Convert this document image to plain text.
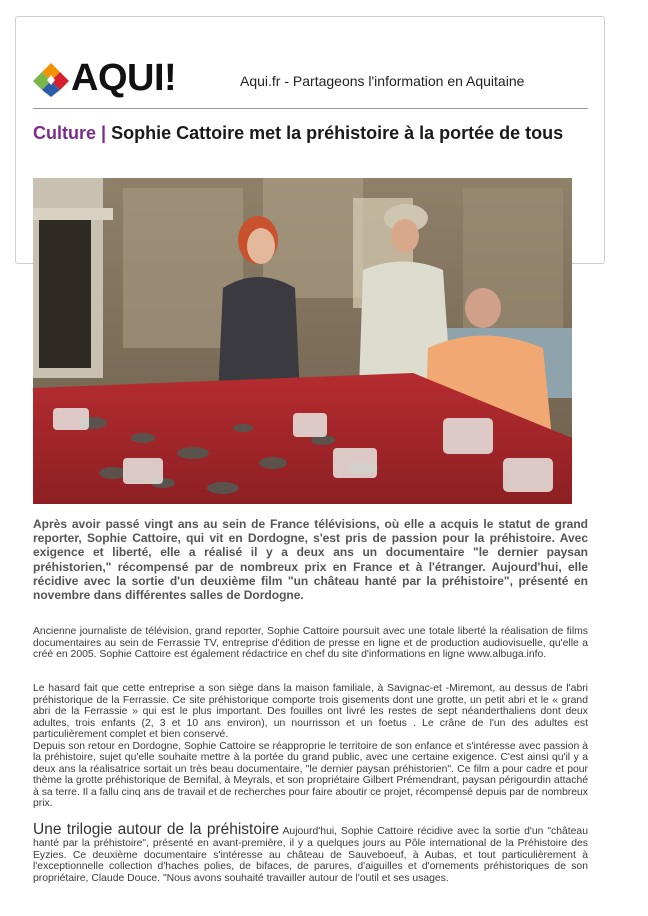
AQUI!	Aqui.fr - Partageons l'information en Aquitaine
Culture | Sophie Cattoire met la préhistoire à la portée de tous

Après avoir passé vingt ans au sein de France télévisions, où elle a acquis le statut de grand reporter, Sophie Cattoire, qui vit en Dordogne, s'est pris de passion pour la préhistoire. Avec exigence et liberté, elle a réalisé il y a deux ans un documentaire "le dernier paysan préhistorien," récompensé par de nombreux prix en France et à l'étranger. Aujourd'hui, elle récidive avec la sortie d'un deuxième film "un château hanté par la préhistoire", présenté en novembre dans différentes salles de Dordogne.

Ancienne journaliste de télévision, grand reporter, Sophie Cattoire poursuit avec une totale liberté la réalisation de films documentaires au sein de Ferrassie TV, entreprise d'édition de presse en ligne et de production audiovisuelle, qu'elle a créé en 2005. Sophie Cattoire est également rédactrice en chef du site d'informations en ligne www.albuga.info.

Le hasard fait que cette entreprise a son siège dans la maison familiale, à Savignac-et -Miremont, au dessus de l'abri préhistorique de la Ferrassie. Ce site préhistorique comporte trois gisements dont une grotte, un petit abri et le « grand abri de la Ferrassie » qui est le plus important. Des fouilles ont livré les restes de sept néanderthaliens dont deux adultes, trois enfants (2, 3 et 10 ans environ), un nourrisson et un foetus . Le crâne de l'un des adultes est particulièrement complet et bien conservé.

Depuis son retour en Dordogne, Sophie Cattoire se réapproprie le territoire de son enfance et s'intéresse avec passion à la préhistoire, sujet qu'elle souhaite mettre à la portée du grand public, avec une certaine exigence. C'est ainsi qu'il y a deux ans la réalisatrice sortait un très beau documentaire, "le dernier paysan préhistorien". Ce film a pour cadre et pour thème la grotte préhistorique de Bernifal, à Meyrals, et son propriétaire Gilbert Prémendrant, paysan périgourdin attaché à sa terre. Il a fallu cinq ans de travail et de recherches pour faire aboutir ce projet, récompensé depuis par de nombreux prix.

Une trilogie autour de la préhistoire Aujourd'hui, Sophie Cattoire récidive avec la sortie d'un "château hanté par la préhistoire", présenté en avant-première, il y a quelques jours au Pôle international de la Préhistoire des Eyzies. Ce deuxième documentaire s'intéresse au château de Sauveboeuf, à Aubas, et tout particulièrement à l'exceptionnelle collection d'haches polies, de bifaces, de parures, d'aiguilles et d'ornements préhistoriques de son propriétaire, Claude Douce. "Nous avons souhaité travailler autour de l'outil et ses usages.
